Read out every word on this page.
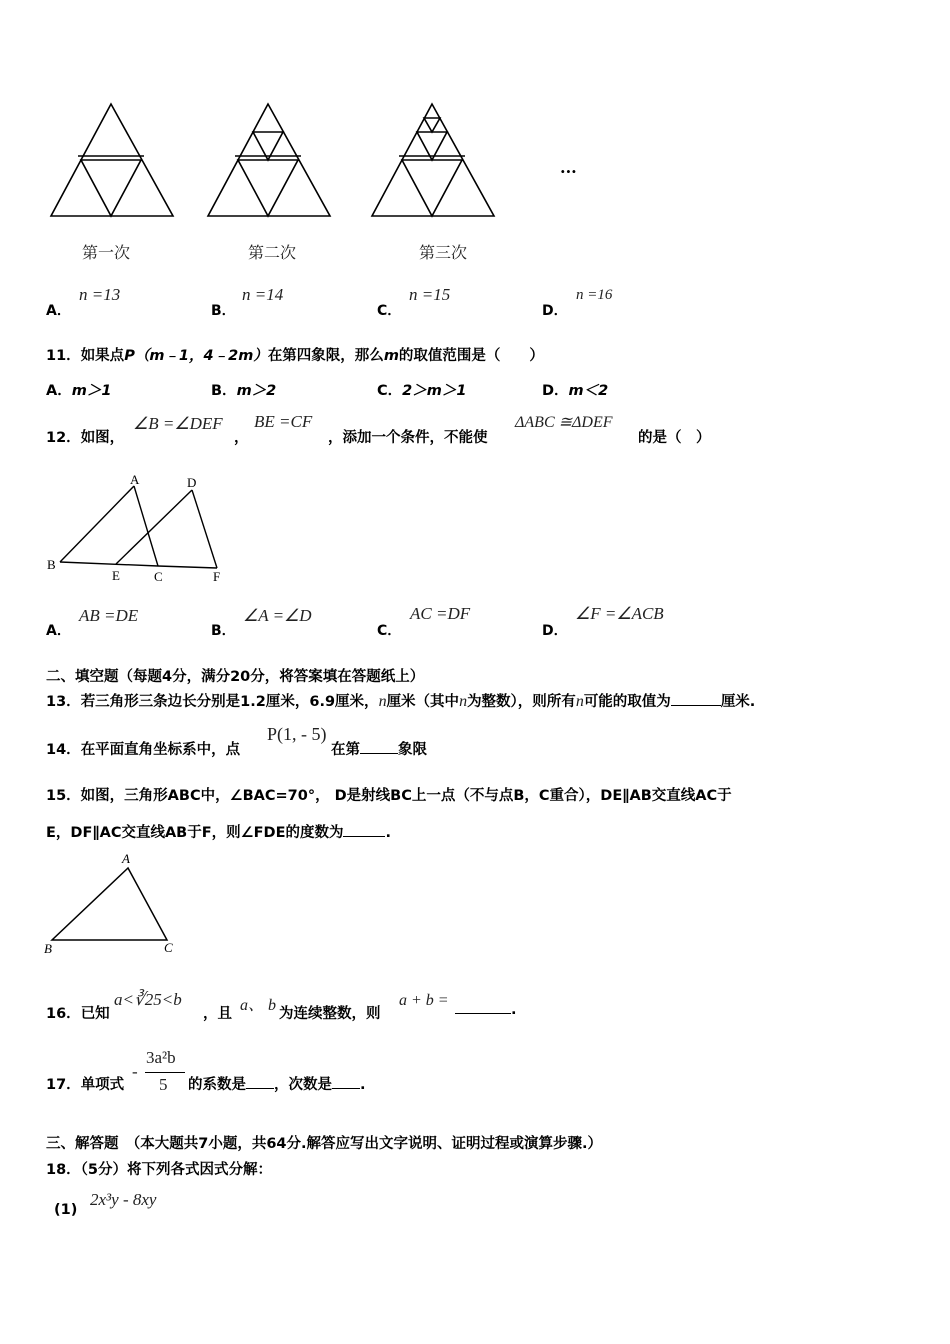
...
第一次	第二次	第三次
A．
n =13
B．
n =14
C．
n =15
D．
n =16
11．如果点P（m﹣1，4﹣2m）在第四象限，那么m的取值范围是（　　）
A．m＞1	B．m＞2	C．2＞m＞1	D．m＜2
12．如图，
∠B =∠DEF
，
BE =CF
，添加一个条件，不能使
ΔABC ≅ΔDEF
的是（　）
A	D
B
E	C	F
A．
AB =DE
B．
∠A =∠D
C．
AC =DF
D．
∠F =∠ACB
二、填空题（每题4分，满分20分，将答案填在答题纸上）
13．若三角形三条边长分别是1.2厘米，6.9厘米，n厘米（其中n为整数），则所有n可能的取值为	厘米.
14．在平面直角坐标系中，点
P(1, - 5)
在第	象限
15．如图，三角形ABC中，∠BAC=70°， D是射线BC上一点（不与点B，C重合），DE∥AB交直线AC于
E，DF∥AC交直线AB于F，则∠FDE的度数为	.
A
B	C
16．已知
a<∛25<b
，且 a、 b 为连续整数，则
a + b =
.
17．单项式
-
3a²b
5 的系数是 ，次数是 .
三、解答题　（本大题共7小题，共64分.解答应写出文字说明、证明过程或演算步骤.）
18．（5分）将下列各式因式分解：
(1)
2x³y - 8xy
